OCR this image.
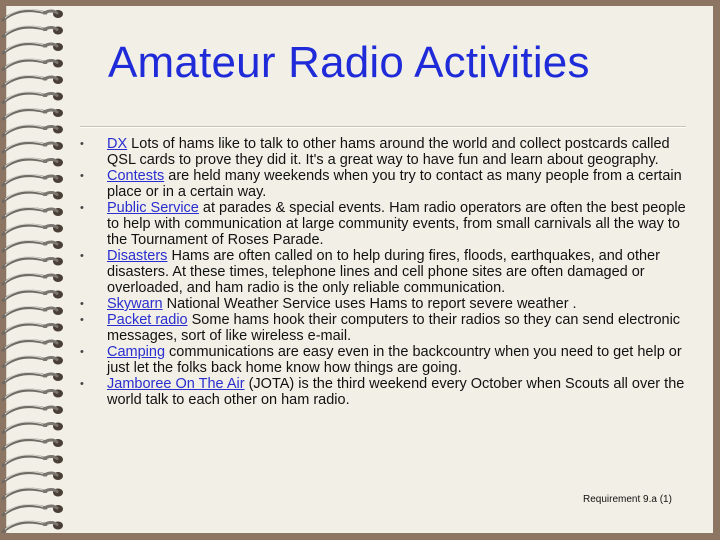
Amateur Radio Activities
•	DX Lots of hams like to talk to other hams around the world and collect postcards called QSL cards to prove they did it. It's a great way to have fun and learn about geography.
•	Contests are held many weekends when you try to contact as many people from a certain place or in a certain way.
•	Public Service at parades & special events. Ham radio operators are often the best people to help with communication at large community events, from small carnivals all the way to the Tournament of Roses Parade.
•	Disasters Hams are often called on to help during fires, floods, earthquakes, and other disasters. At these times, telephone lines and cell phone sites are often damaged or overloaded, and ham radio is the only reliable communication.
•	Skywarn National Weather Service uses Hams to report severe weather .
•	Packet radio Some hams hook their computers to their radios so they can send electronic messages, sort of like wireless e-mail.
•	Camping communications are easy even in the backcountry when you need to get help or just let the folks back home know how things are going.
•	Jamboree On The Air (JOTA) is the third weekend every October when Scouts all over the world talk to each other on ham radio.

Requirement 9.a (1)
